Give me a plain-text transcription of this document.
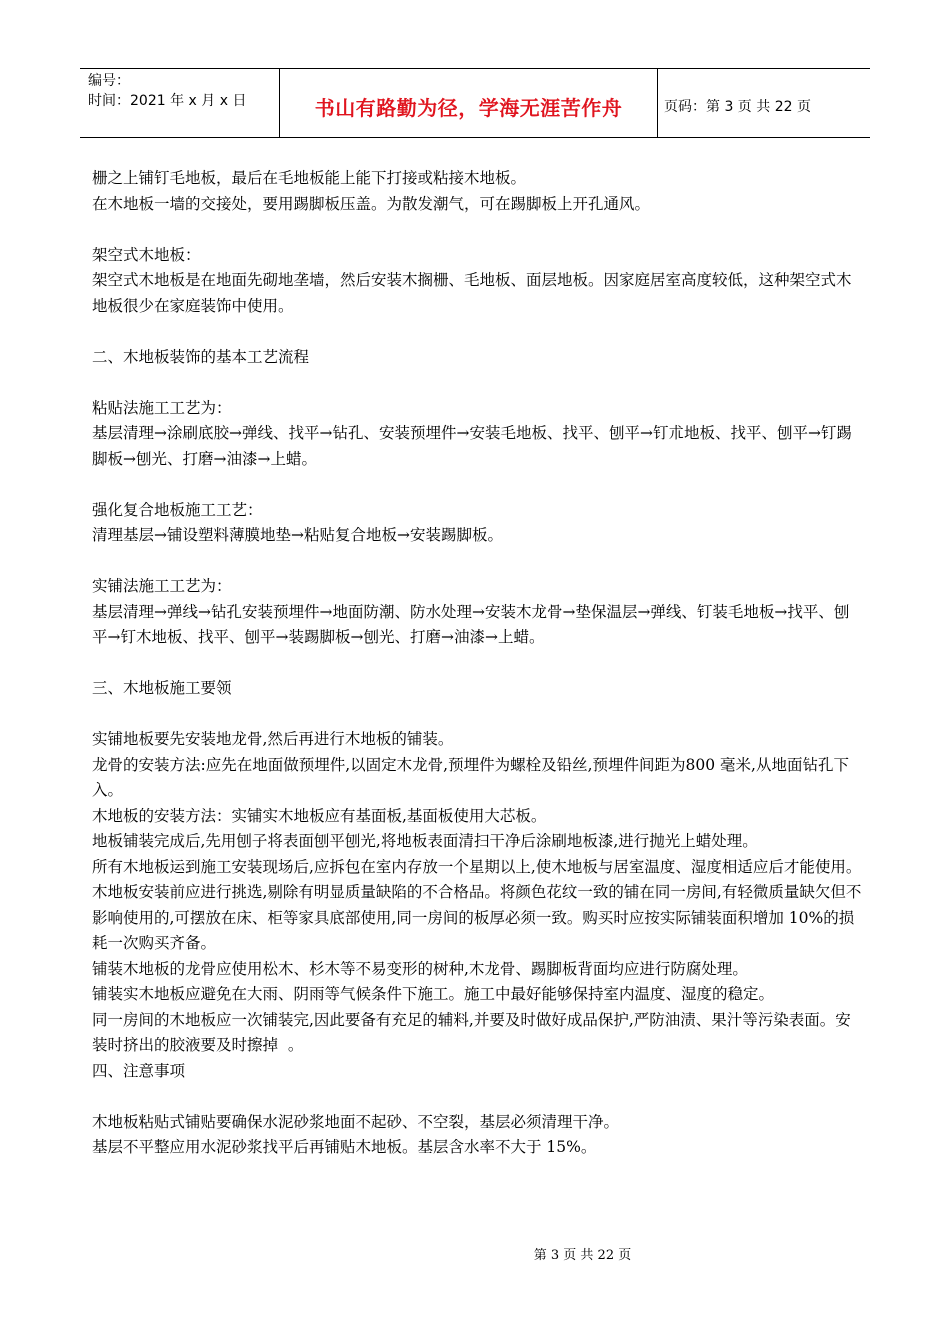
编号：
时间：2021 年 x 月 x 日	书山有路勤为径，学海无涯苦作舟	页码：第 3 页 共 22 页

栅之上铺钉毛地板，最后在毛地板能上能下打接或粘接木地板。

在木地板一墙的交接处，要用踢脚板压盖。为散发潮气，可在踢脚板上开孔通风。

架空式木地板：

架空式木地板是在地面先砌地垄墙，然后安装木搁栅、毛地板、面层地板。因家庭居室高度较低，这种架空式木地板很少在家庭装饰中使用。

二、木地板装饰的基本工艺流程

粘贴法施工工艺为：

基层清理→涂刷底胶→弹线、找平→钻孔、安装预埋件→安装毛地板、找平、刨平→钉朮地板、找平、刨平→钉踢脚板→刨光、打磨→油漆→上蜡。

强化复合地板施工工艺：

清理基层→铺设塑料薄膜地垫→粘贴复合地板→安装踢脚板。

实铺法施工工艺为：

基层清理→弹线→钻孔安装预埋件→地面防潮、防水处理→安装木龙骨→垫保温层→弹线、钉装毛地板→找平、刨平→钉木地板、找平、刨平→装踢脚板→刨光、打磨→油漆→上蜡。

三、木地板施工要领

实铺地板要先安装地龙骨,然后再进行木地板的铺装。

龙骨的安装方法:应先在地面做预埋件,以固定木龙骨,预埋件为螺栓及铅丝,预埋件间距为800 毫米,从地面钻孔下入。

木地板的安装方法：实铺实木地板应有基面板,基面板使用大芯板。

地板铺装完成后,先用刨子将表面刨平刨光,将地板表面清扫干净后涂刷地板漆,进行抛光上蜡处理。

所有木地板运到施工安装现场后,应拆包在室内存放一个星期以上,使木地板与居室温度、湿度相适应后才能使用。

木地板安装前应进行挑选,剔除有明显质量缺陷的不合格品。将颜色花纹一致的铺在同一房间,有轻微质量缺欠但不影响使用的,可摆放在床、柜等家具底部使用,同一房间的板厚必须一致。购买时应按实际铺装面积增加 10%的损耗一次购买齐备。

铺装木地板的龙骨应使用松木、杉木等不易变形的树种,木龙骨、踢脚板背面均应进行防腐处理。

铺装实木地板应避免在大雨、阴雨等气候条件下施工。施工中最好能够保持室内温度、湿度的稳定。

同一房间的木地板应一次铺装完,因此要备有充足的辅料,并要及时做好成品保护,严防油渍、果汁等污染表面。安装时挤出的胶液要及时擦掉  。

四、注意事项

木地板粘贴式铺贴要确保水泥砂浆地面不起砂、不空裂，基层必须清理干净。

基层不平整应用水泥砂浆找平后再铺贴木地板。基层含水率不大于 15%。

第 3 页 共 22 页
